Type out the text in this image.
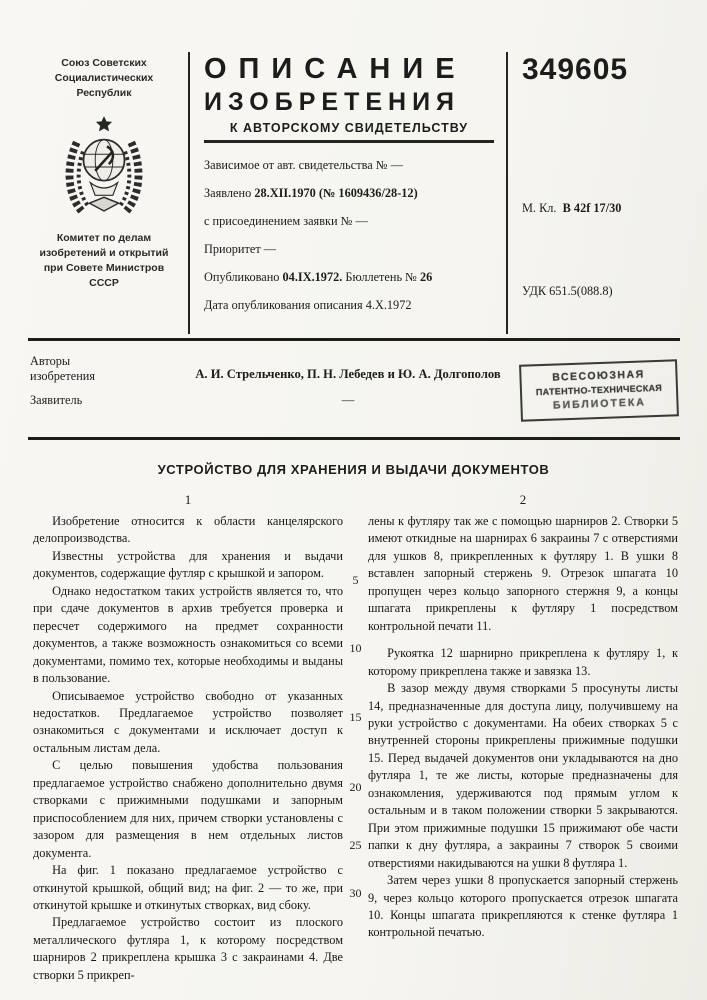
Союз Советских
Социалистических
Республик
Комитет по делам
изобретений и открытий
при Совете Министров
СССР
ОПИСАНИЕ
ИЗОБРЕТЕНИЯ
К АВТОРСКОМУ СВИДЕТЕЛЬСТВУ
Зависимое от авт. свидетельства № —
Заявлено 28.XII.1970 (№ 1609436/28-12)
с присоединением заявки № —
Приоритет —
Опубликовано 04.IX.1972. Бюллетень № 26
Дата опубликования описания 4.X.1972
349605
М. Кл. B 42f 17/30
УДК 651.5(088.8)
Авторы
изобретения	А. И. Стрельченко, П. Н. Лебедев и Ю. А. Долгополов
Заявитель	—
ВСЕСОЮЗНАЯ
ПАТЕНТНО-ТЕХНИЧЕСКАЯ
БИБЛИОТЕКА
УСТРОЙСТВО ДЛЯ ХРАНЕНИЯ И ВЫДАЧИ ДОКУМЕНТОВ
1	2

Изобретение относится к области канцелярского делопроизводства.

Известны устройства для хранения и выдачи документов, содержащие футляр с крышкой и запором.

Однако недостатком таких устройств является то, что при сдаче документов в архив требуется проверка и пересчет содержимого на предмет сохранности документов, а также возможность ознакомиться со всеми документами, помимо тех, которые необходимы и выданы в пользование.

Описываемое устройство свободно от указанных недостатков. Предлагаемое устройство позволяет ознакомиться с документами и исключает доступ к остальным листам дела.

С целью повышения удобства пользования предлагаемое устройство снабжено дополнительно двумя створками с прижимными подушками и запорным приспособлением для них, причем створки установлены с зазором для размещения в нем отдельных листов документа.

На фиг. 1 показано предлагаемое устройство с откинутой крышкой, общий вид; на фиг. 2 — то же, при откинутой крышке и откинутых створках, вид сбоку.

Предлагаемое устройство состоит из плоского металлического футляра 1, к которому посредством шарниров 2 прикреплена крышка 3 с закраинами 4. Две створки 5 прикреп-

лены к футляру так же с помощью шарниров 2. Створки 5 имеют откидные на шарнирах 6 закраины 7 с отверстиями для ушков 8, прикрепленных к футляру 1. В ушки 8 вставлен запорный стержень 9. Отрезок шпагата 10 пропущен через кольцо запорного стержня 9, а концы шпагата прикреплены к футляру 1 посредством контрольной печати 11.

Рукоятка 12 шарнирно прикреплена к футляру 1, к которому прикреплена также и завязка 13.

В зазор между двумя створками 5 просунуты листы 14, предназначенные для доступа лицу, получившему на руки устройство с документами. На обеих створках 5 с внутренней стороны прикреплены прижимные подушки 15. Перед выдачей документов они укладываются на дно футляра 1, те же листы, которые предназначены для ознакомления, удерживаются под прямым углом к остальным и в таком положении створки 5 закрываются. При этом прижимные подушки 15 прижимают обе части папки к дну футляра, а закраины 7 створок 5 своими отверстиями накидываются на ушки 8 футляра 1.

Затем через ушки 8 пропускается запорный стержень 9, через кольцо которого пропускается отрезок шпагата 10. Концы шпагата прикрепляются к стенке футляра 1 контрольной печатью.

5
10
15
20
25
30
